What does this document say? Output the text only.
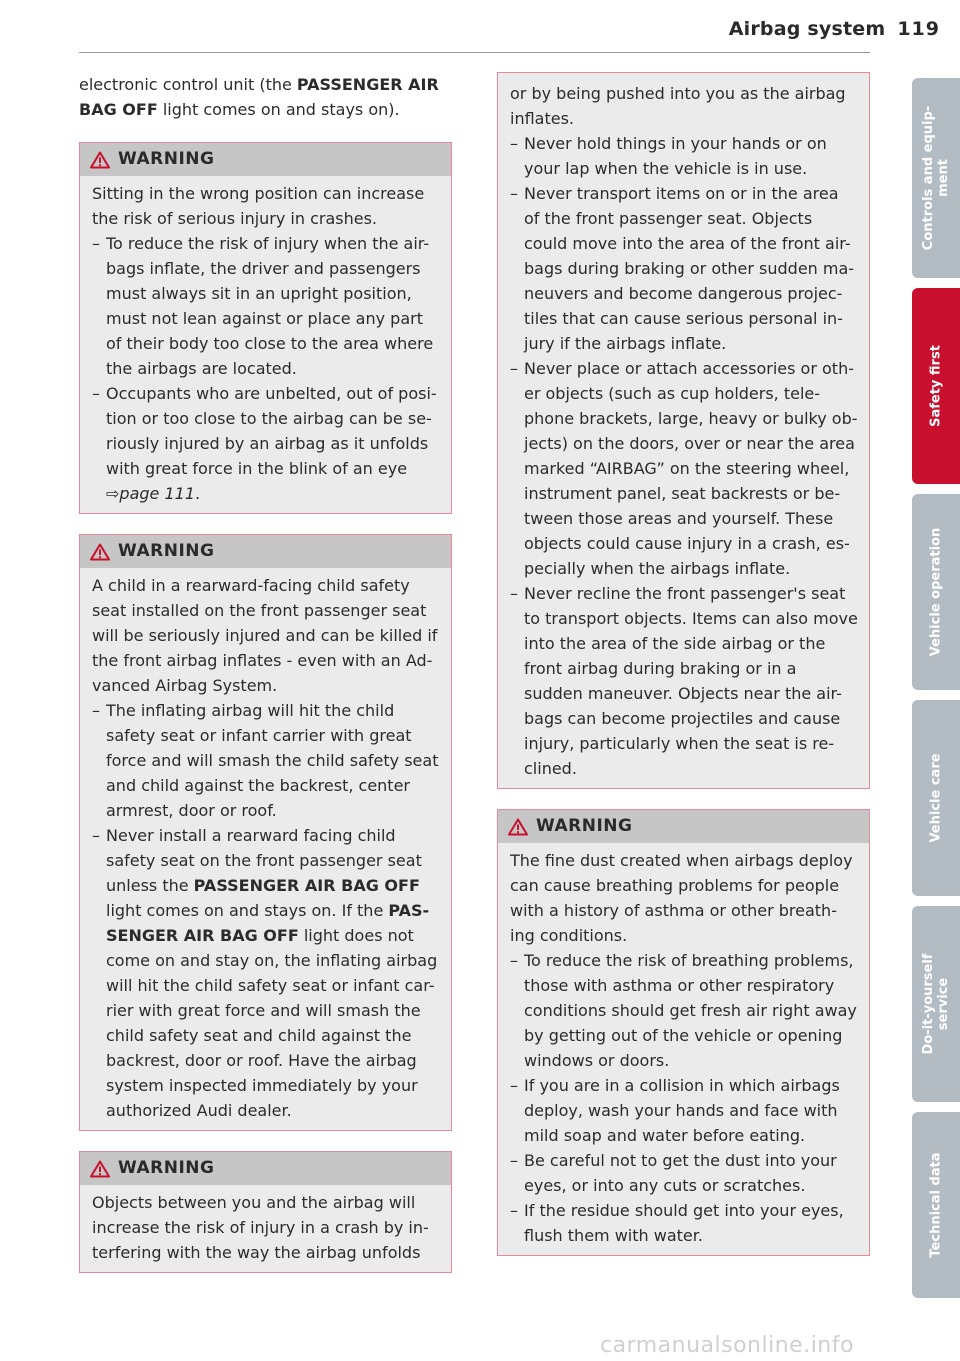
Airbag system 119

electronic control unit (the PASSENGER AIR BAG OFF light comes on and stays on).

WARNING

Sitting in the wrong position can increase the risk of serious injury in crashes.

– To reduce the risk of injury when the air-bags inflate, the driver and passengers must always sit in an upright position, must not lean against or place any part of their body too close to the area where the airbags are located.
– Occupants who are unbelted, out of posi-tion or too close to the airbag can be se-riously injured by an airbag as it unfolds with great force in the blink of an eye ⇨page 111.
WARNING

A child in a rearward-facing child safety seat installed on the front passenger seat will be seriously injured and can be killed if the front airbag inflates - even with an Ad-vanced Airbag System.

– The inflating airbag will hit the child safety seat or infant carrier with great force and will smash the child safety seat and child against the backrest, center armrest, door or roof.
– Never install a rearward facing child safety seat on the front passenger seat unless the PASSENGER AIR BAG OFF light comes on and stays on. If the PAS-SENGER AIR BAG OFF light does not come on and stay on, the inflating airbag will hit the child safety seat or infant car-rier with great force and will smash the child safety seat and child against the backrest, door or roof. Have the airbag system inspected immediately by your authorized Audi dealer.
WARNING

Objects between you and the airbag will increase the risk of injury in a crash by in-terfering with the way the airbag unfolds

or by being pushed into you as the airbag inflates.

– Never hold things in your hands or on your lap when the vehicle is in use.
– Never transport items on or in the area of the front passenger seat. Objects could move into the area of the front air-bags during braking or other sudden ma-neuvers and become dangerous projec-tiles that can cause serious personal in-jury if the airbags inflate.
– Never place or attach accessories or oth-er objects (such as cup holders, tele-phone brackets, large, heavy or bulky ob-jects) on the doors, over or near the area marked “AIRBAG” on the steering wheel, instrument panel, seat backrests or be-tween those areas and yourself. These objects could cause injury in a crash, es-pecially when the airbags inflate.
– Never recline the front passenger's seat to transport objects. Items can also move into the area of the side airbag or the front airbag during braking or in a sudden maneuver. Objects near the air-bags can become projectiles and cause injury, particularly when the seat is re-clined.
WARNING

The fine dust created when airbags deploy can cause breathing problems for people with a history of asthma or other breath-ing conditions.

– To reduce the risk of breathing problems, those with asthma or other respiratory conditions should get fresh air right away by getting out of the vehicle or opening windows or doors.
– If you are in a collision in which airbags deploy, wash your hands and face with mild soap and water before eating.
– Be careful not to get the dust into your eyes, or into any cuts or scratches.
– If the residue should get into your eyes, flush them with water.
Controls and equip-
ment
Safety first
Vehicle operation
Vehicle care
Do-it-yourself
service
Technical data
carmanualsonline.info
